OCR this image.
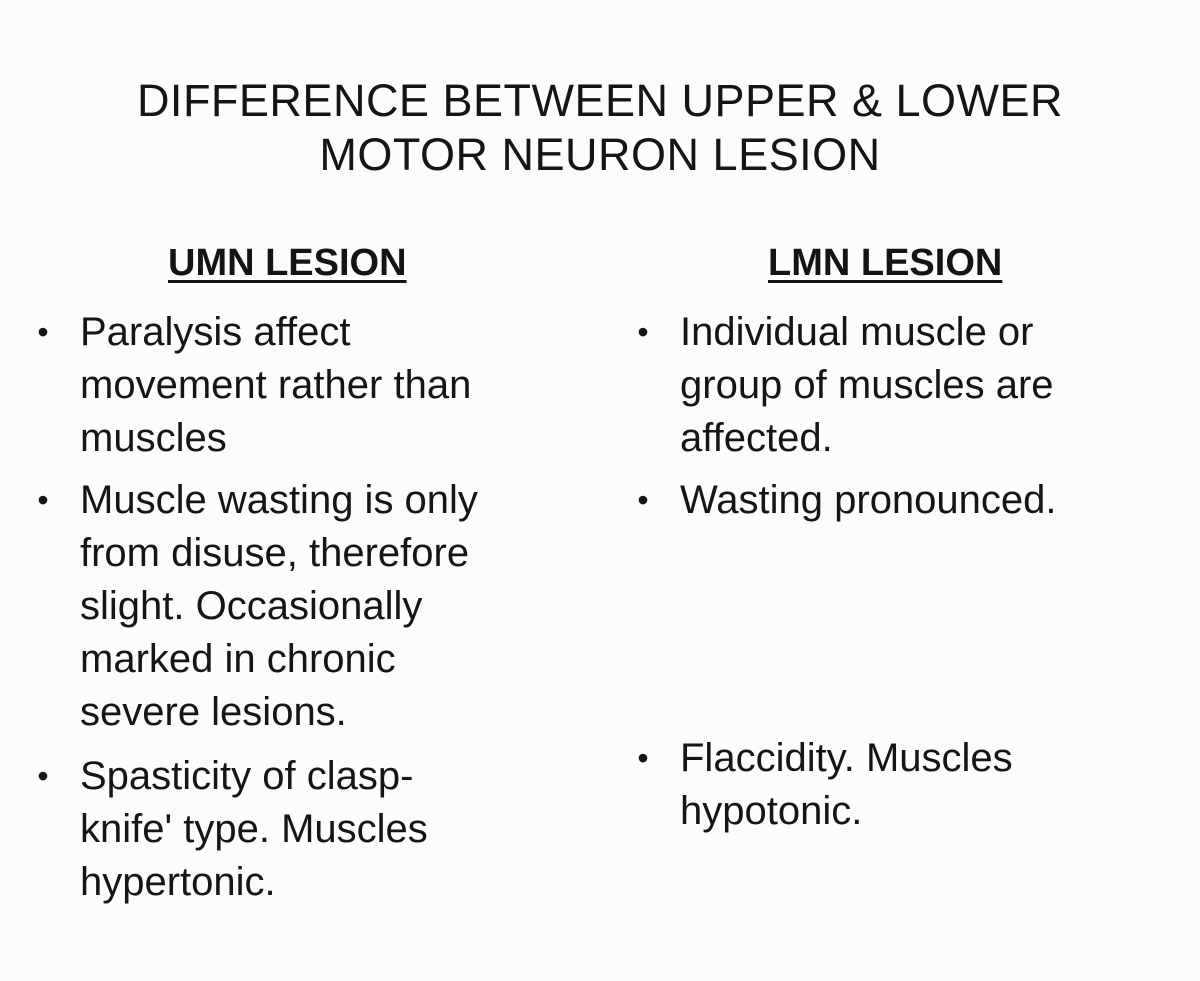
DIFFERENCE BETWEEN UPPER & LOWER
MOTOR NEURON LESION
UMN LESION
• Paralysis affect
movement rather than
muscles
• Muscle wasting is only
from disuse, therefore
slight. Occasionally
marked in chronic
severe lesions.
• Spasticity of clasp-
knife' type. Muscles
hypertonic.
LMN LESION
• Individual muscle or
group of muscles are
affected.
• Wasting pronounced.
• Flaccidity. Muscles
hypotonic.
